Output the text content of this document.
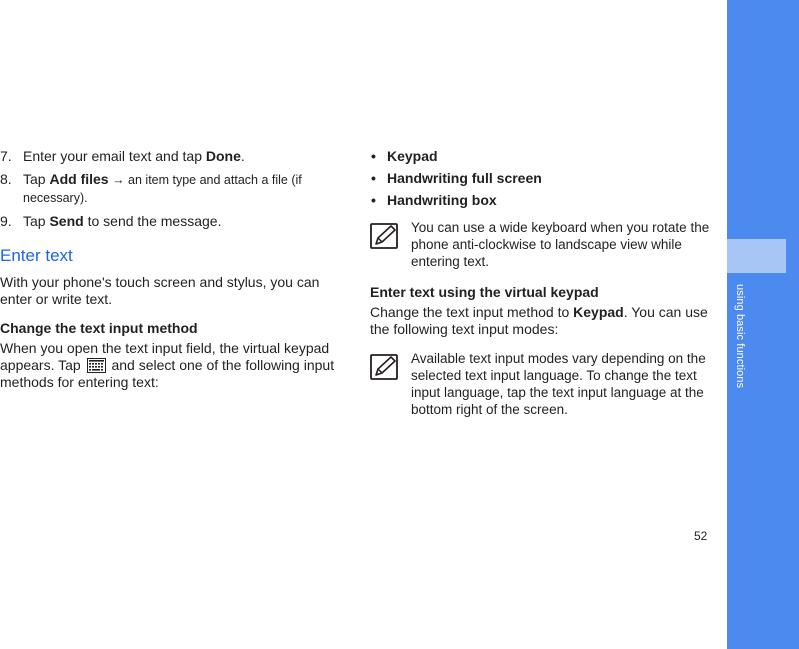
using basic functions
7. Enter your email text and tap Done.
8. Tap Add files → an item type and attach a file (if necessary).
9. Tap Send to send the message.
Enter text
With your phone's touch screen and stylus, you can enter or write text.
Change the text input method
When you open the text input field, the virtual keypad appears. Tap and select one of the following input methods for entering text:
• Keypad
• Handwriting full screen
• Handwriting box
You can use a wide keyboard when you rotate the phone anti-clockwise to landscape view while entering text.
Enter text using the virtual keypad
Change the text input method to Keypad. You can use the following text input modes:
Available text input modes vary depending on the selected text input language. To change the text input language, tap the text input language at the bottom right of the screen.
52
